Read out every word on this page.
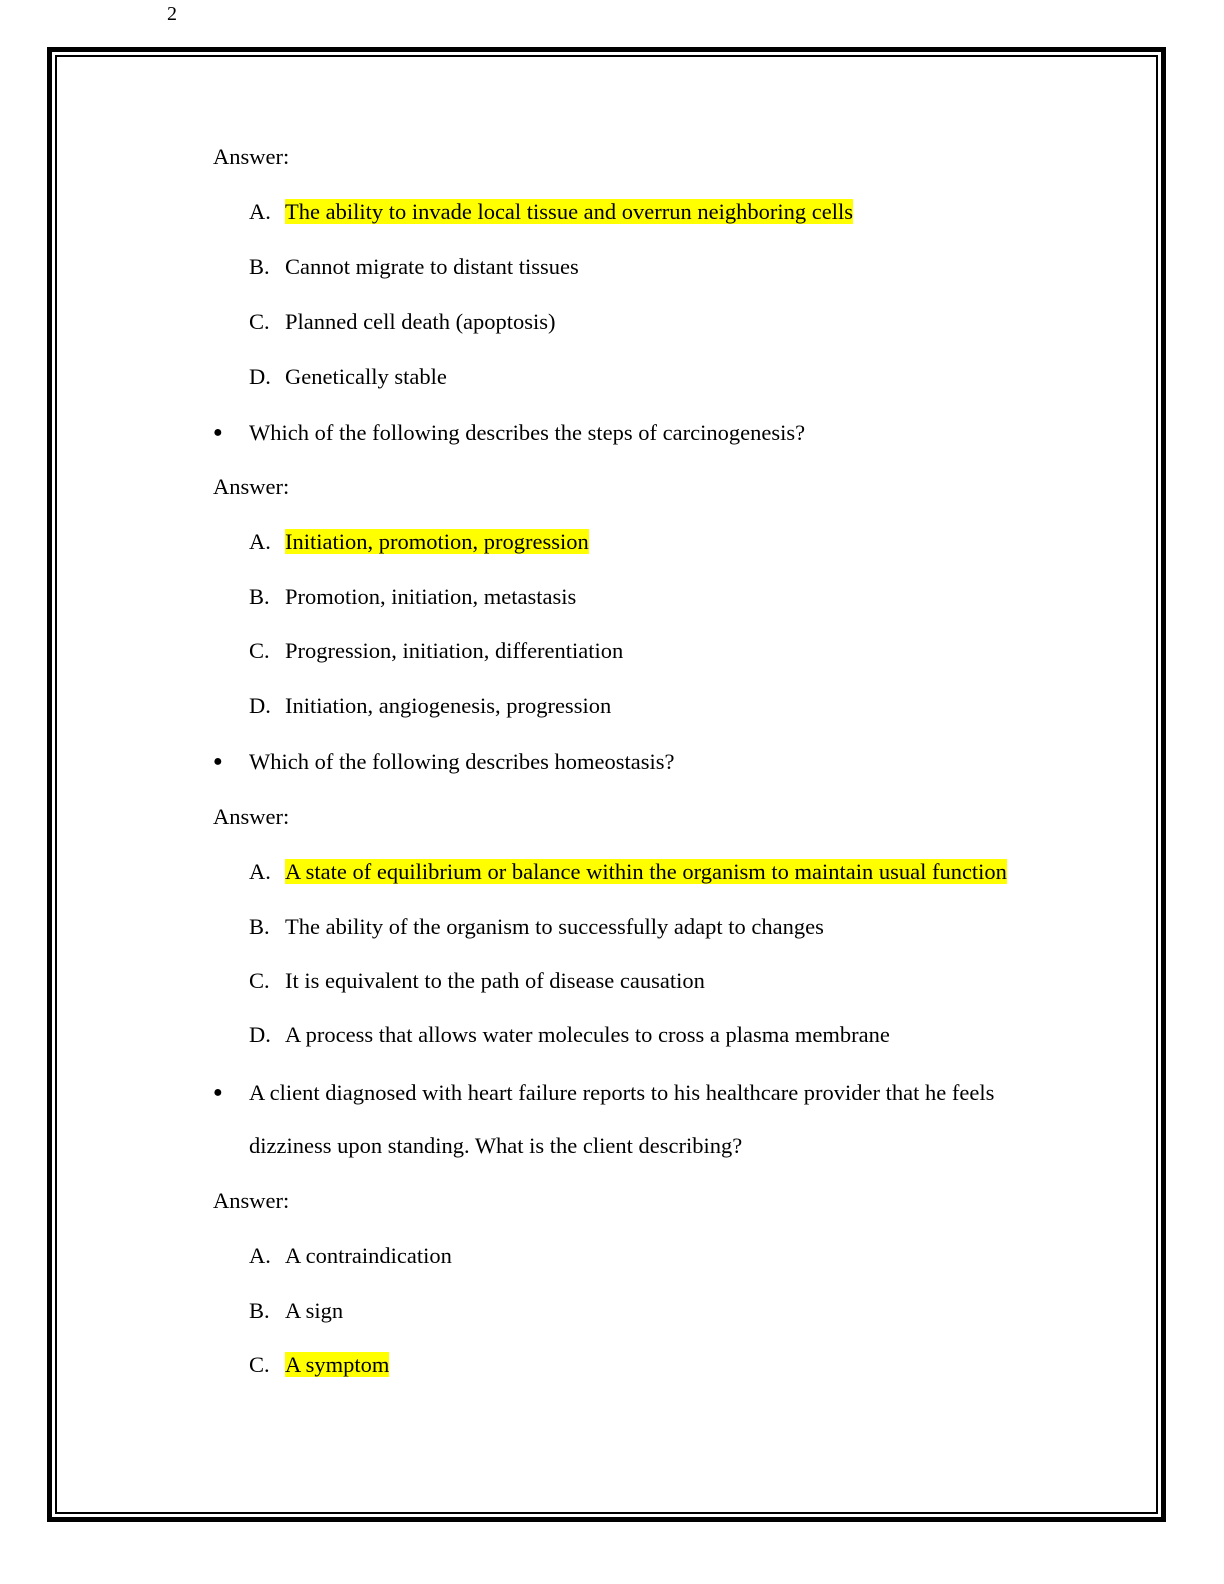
2
Answer:
A. The ability to invade local tissue and overrun neighboring cells
B. Cannot migrate to distant tissues
C. Planned cell death (apoptosis)
D. Genetically stable
● Which of the following describes the steps of carcinogenesis?
Answer:
A. Initiation, promotion, progression
B. Promotion, initiation, metastasis
C. Progression, initiation, differentiation
D. Initiation, angiogenesis, progression
● Which of the following describes homeostasis?
Answer:
A. A state of equilibrium or balance within the organism to maintain usual function
B. The ability of the organism to successfully adapt to changes
C. It is equivalent to the path of disease causation
D. A process that allows water molecules to cross a plasma membrane
● A client diagnosed with heart failure reports to his healthcare provider that he feels
dizziness upon standing. What is the client describing?
Answer:
A. A contraindication
B. A sign
C. A symptom
